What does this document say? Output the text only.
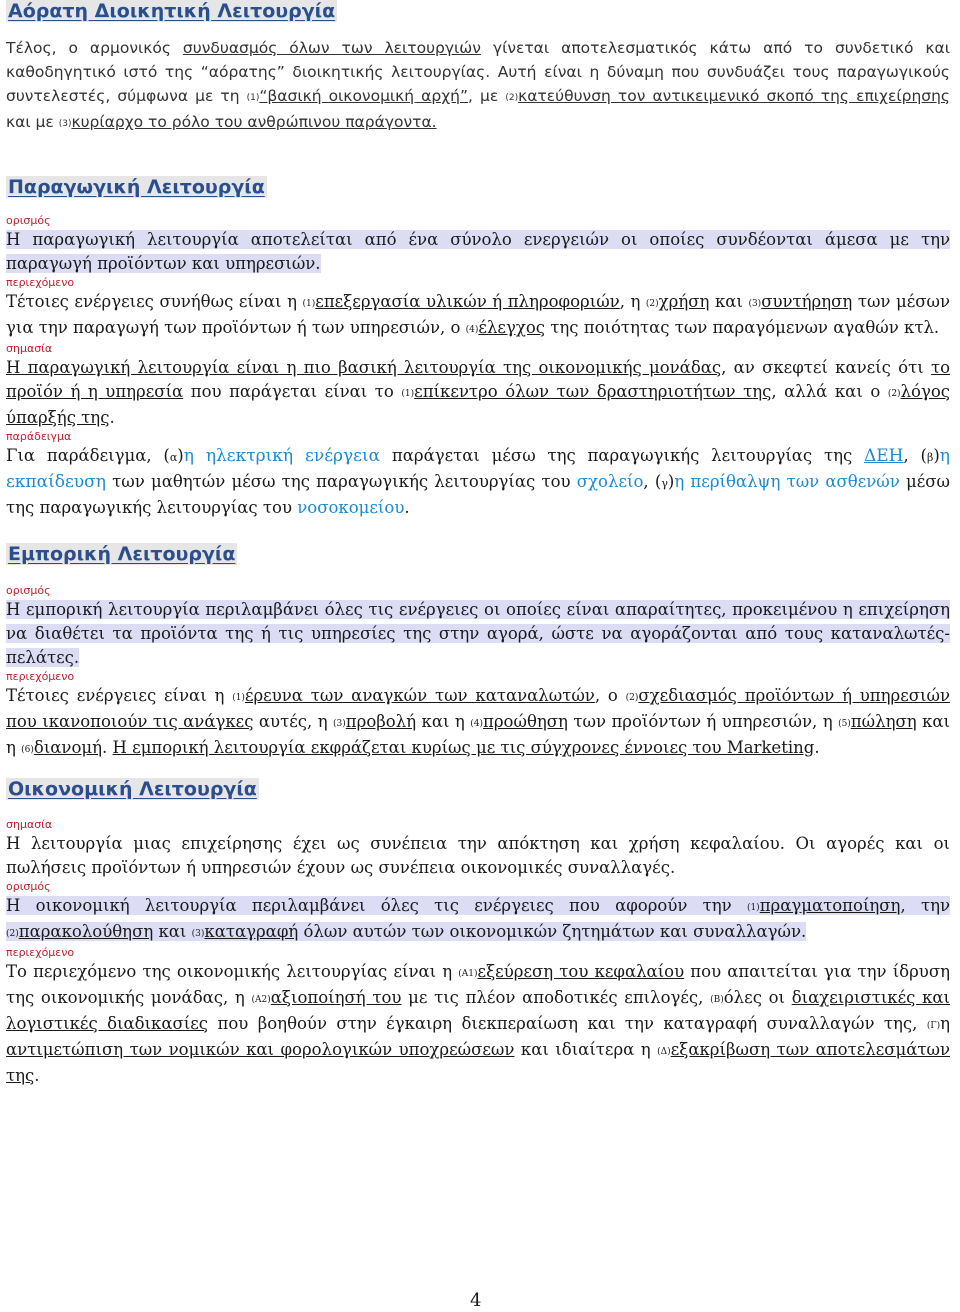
Αόρατη Διοικητική Λειτουργία
Τέλος, ο αρμονικός συνδυασμός όλων των λειτουργιών γίνεται αποτελεσματικός κάτω από το συνδετικό και καθοδηγητικό ιστό της “αόρατης” διοικητικής λειτουργίας. Αυτή είναι η δύναμη που συνδυάζει τους παραγωγικούς συντελεστές, σύμφωνα με τη (1)“βασική οικονομική αρχή”, με (2)κατεύθυνση τον αντικειμενικό σκοπό της επιχείρησης και με (3)κυρίαρχο το ρόλο του ανθρώπινου παράγοντα.
Παραγωγική Λειτουργία
ορισμός
Η παραγωγική λειτουργία αποτελείται από ένα σύνολο ενεργειών οι οποίες συνδέονται άμεσα με την παραγωγή προϊόντων και υπηρεσιών.
περιεχόμενο
Τέτοιες ενέργειες συνήθως είναι η (1)επεξεργασία υλικών ή πληροφοριών, η (2)χρήση και (3)συντήρηση των μέσων για την παραγωγή των προϊόντων ή των υπηρεσιών, ο (4)έλεγχος της ποιότητας των παραγόμενων αγαθών κτλ.
σημασία
Η παραγωγική λειτουργία είναι η πιο βασική λειτουργία της οικονομικής μονάδας, αν σκεφτεί κανείς ότι το προϊόν ή η υπηρεσία που παράγεται είναι το (1)επίκεντρο όλων των δραστηριοτήτων της, αλλά και ο (2)λόγος ύπαρξής της.
παράδειγμα
Για παράδειγμα, (α)η ηλεκτρική ενέργεια παράγεται μέσω της παραγωγικής λειτουργίας της ΔΕΗ, (β)η εκπαίδευση των μαθητών μέσω της παραγωγικής λειτουργίας του σχολείο, (γ)η περίθαλψη των ασθενών μέσω της παραγωγικής λειτουργίας του νοσοκομείου.
Εμπορική Λειτουργία
ορισμός
Η εμπορική λειτουργία περιλαμβάνει όλες τις ενέργειες οι οποίες είναι απαραίτητες, προκειμένου η επιχείρηση να διαθέτει τα προϊόντα της ή τις υπηρεσίες της στην αγορά, ώστε να αγοράζονται από τους καταναλωτές-πελάτες.
περιεχόμενο
Τέτοιες ενέργειες είναι η (1)έρευνα των αναγκών των καταναλωτών, ο (2)σχεδιασμός προϊόντων ή υπηρεσιών που ικανοποιούν τις ανάγκες αυτές, η (3)προβολή και η (4)προώθηση των προϊόντων ή υπηρεσιών, η (5)πώληση και η (6)διανομή. Η εμπορική λειτουργία εκφράζεται κυρίως με τις σύγχρονες έννοιες του Marketing.
Οικονομική Λειτουργία
σημασία
Η λειτουργία μιας επιχείρησης έχει ως συνέπεια την απόκτηση και χρήση κεφαλαίου. Οι αγορές και οι πωλήσεις προϊόντων ή υπηρεσιών έχουν ως συνέπεια οικονομικές συναλλαγές.
ορισμός
Η οικονομική λειτουργία περιλαμβάνει όλες τις ενέργειες που αφορούν την (1)πραγματοποίηση, την (2)παρακολούθηση και (3)καταγραφή όλων αυτών των οικονομικών ζητημάτων και συναλλαγών.
περιεχόμενο
Το περιεχόμενο της οικονομικής λειτουργίας είναι η (Α1)εξεύρεση του κεφαλαίου που απαιτείται για την ίδρυση της οικονομικής μονάδας, η (Α2)αξιοποίησή του με τις πλέον αποδοτικές επιλογές, (Β)όλες οι διαχειριστικές και λογιστικές διαδικασίες που βοηθούν στην έγκαιρη διεκπεραίωση και την καταγραφή συναλλαγών της, (Γ)η αντιμετώπιση των νομικών και φορολογικών υποχρεώσεων και ιδιαίτερα η (Δ)εξακρίβωση των αποτελεσμάτων της.
4
